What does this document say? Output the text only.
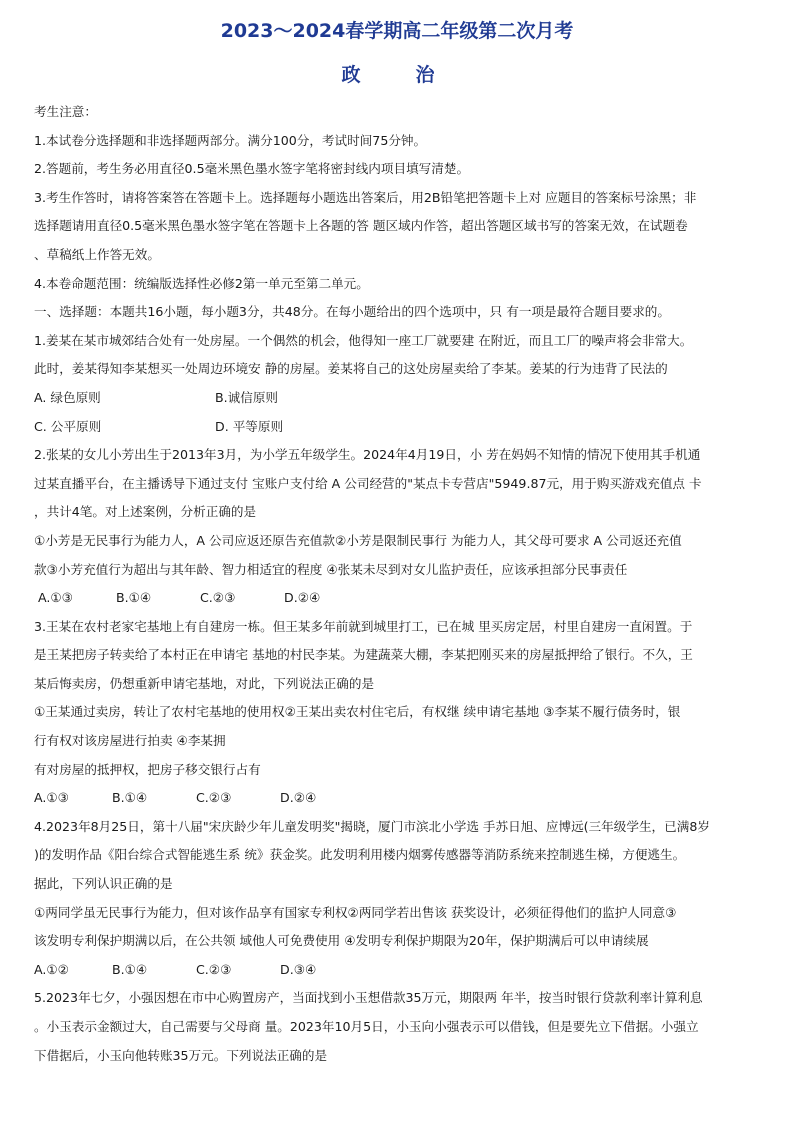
2023～2024春学期高二年级第二次月考
政　治
考生注意：
1.本试卷分选择题和非选择题两部分。满分100分，考试时间75分钟。
2.答题前，考生务必用直径0.5毫米黑色墨水签字笔将密封线内项目填写清楚。
3.考生作答时，请将答案答在答题卡上。选择题每小题选出答案后，用2B铅笔把答题卡上对 应题目的答案标号涂黑；非
选择题请用直径0.5毫米黑色墨水签字笔在答题卡上各题的答 题区域内作答，超出答题区域书写的答案无效，在试题卷
、草稿纸上作答无效。
4.本卷命题范围：统编版选择性必修2第一单元至第二单元。
一、选择题：本题共16小题，每小题3分，共48分。在每小题给出的四个选项中，只 有一项是最符合题目要求的。
1.姜某在某市城郊结合处有一处房屋。一个偶然的机会，他得知一座工厂就要建 在附近，而且工厂的噪声将会非常大。
此时，姜某得知李某想买一处周边环境安 静的房屋。姜某将自己的这处房屋卖给了李某。姜某的行为违背了民法的
A. 绿色原则	B.诚信原则
C. 公平原则	D. 平等原则
2.张某的女儿小芳出生于2013年3月，为小学五年级学生。2024年4月19日，小 芳在妈妈不知情的情况下使用其手机通
过某直播平台，在主播诱导下通过支付 宝账户支付给 A 公司经营的"某点卡专营店"5949.87元，用于购买游戏充值点 卡
，共计4笔。对上述案例，分析正确的是
①小芳是无民事行为能力人，A 公司应返还原告充值款②小芳是限制民事行 为能力人，其父母可要求 A 公司返还充值
款③小芳充值行为超出与其年龄、智力相适宜的程度 ④张某未尽到对女儿监护责任，应该承担部分民事责任
A.①③	B.①④	C.②③	D.②④
3.王某在农村老家宅基地上有自建房一栋。但王某多年前就到城里打工，已在城 里买房定居，村里自建房一直闲置。于
是王某把房子转卖给了本村正在申请宅 基地的村民李某。为建蔬菜大棚，李某把刚买来的房屋抵押给了银行。不久，王
某后悔卖房，仍想重新申请宅基地，对此，下列说法正确的是
①王某通过卖房，转让了农村宅基地的使用权②王某出卖农村住宅后，有权继 续申请宅基地 ③李某不履行债务时，银
行有权对该房屋进行拍卖 ④李某拥
有对房屋的抵押权，把房子移交银行占有
A.①③	B.①④	C.②③	D.②④
4.2023年8月25日，第十八届"宋庆龄少年儿童发明奖"揭晓，厦门市滨北小学选 手苏日旭、应博远(三年级学生，已满8岁
)的发明作品《阳台综合式智能逃生系 统》获金奖。此发明利用楼内烟雾传感器等消防系统来控制逃生梯，方便逃生。
据此，下列认识正确的是
①两同学虽无民事行为能力，但对该作品享有国家专利权②两同学若出售该 获奖设计，必须征得他们的监护人同意③
该发明专利保护期满以后，在公共领 域他人可免费使用 ④发明专利保护期限为20年，保护期满后可以申请续展
A.①②	B.①④	C.②③	D.③④
5.2023年七夕，小强因想在市中心购置房产，当面找到小玉想借款35万元，期限两 年半，按当时银行贷款利率计算利息
。小玉表示金额过大，自己需要与父母商 量。2023年10月5日，小玉向小强表示可以借钱，但是要先立下借据。小强立
下借据后，小玉向他转账35万元。下列说法正确的是
